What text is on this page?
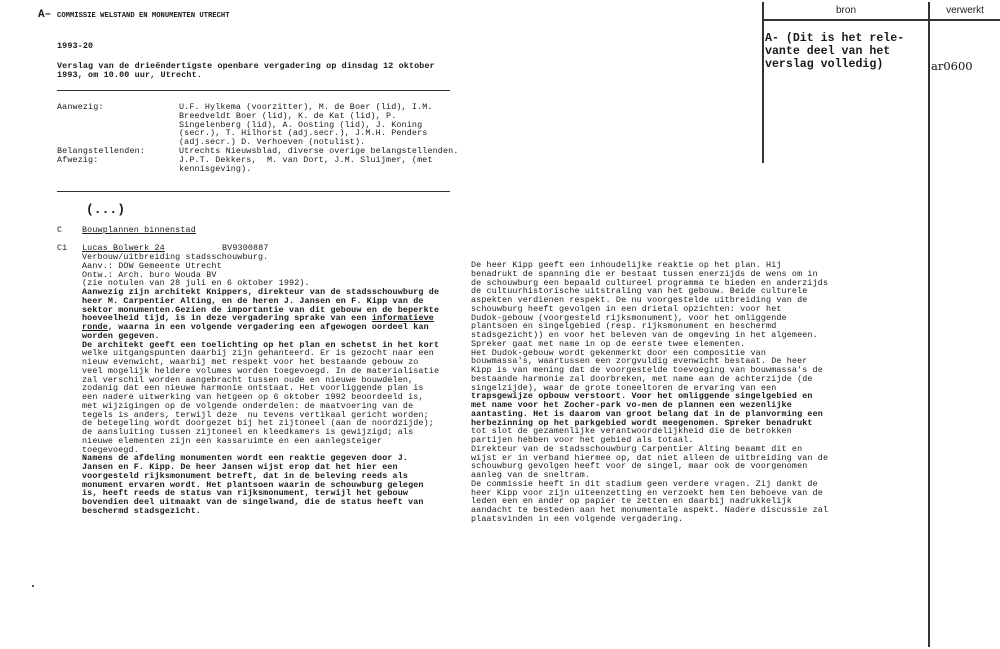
A– COMMISSIE WELSTAND EN MONUMENTEN UTRECHT
1993-20
Verslag van de drieëndertigste openbare vergadering op dinsdag 12 oktober
1993, om 10.00 uur, Utrecht.
Aanwezig:	U.F. Hylkema (voorzitter), M. de Boer (lid), I.M.
Breedveldt Boer (lid), K. de Kat (lid), P.
Singelenberg (lid), A. Oosting (lid), J. Koning
(secr.), T. Hilhorst (adj.secr.), J.M.H. Penders
(adj.secr.) D. Verhoeven (notulist).
Belangstellenden:	Utrechts Nieuwsblad, diverse overige belangstellenden.
Afwezig:	J.P.T. Dekkers,  M. van Dort, J.M. Sluijmer, (met
kennisgeving).
(...)
C Bouwplannen binnenstad
C1 Lucas Bolwerk 24	BV9300887
Verbouw/uitbreiding stadsschouwburg.
Aanv.: DOW Gemeente Utrecht
Ontw.: Arch. buro Wouda BV
(zie notulen van 28 juli en 6 oktober 1992).
Aanwezig zijn architekt Knippers, direkteur van de stadsschouwburg de
heer M. Carpentier Alting, en de heren J. Jansen en F. Kipp van de
sektor monumenten.Gezien de importantie van dit gebouw en de beperkte
hoeveelheid tijd, is in deze vergadering sprake van een informatieve
ronde, waarna in een volgende vergadering een afgewogen oordeel kan
worden gegeven.
De architekt geeft een toelichting op het plan en schetst in het kort
welke uitgangspunten daarbij zijn gehanteerd. Er is gezocht naar een
nieuw evenwicht, waarbij met respekt voor het bestaande gebouw zo
veel mogelijk heldere volumes worden toegevoegd. In de materialisatie
zal verschil worden aangebracht tussen oude en nieuwe bouwdelen,
zodanig dat een nieuwe harmonie ontstaat. Het voorliggende plan is
een nadere uitwerking van hetgeen op 6 oktober 1992 beoordeeld is,
met wijzigingen op de volgende onderdelen: de maatvoering van de
tegels is anders, terwijl deze  nu tevens vertikaal gericht worden;
de betegeling wordt doorgezet bij het zijtoneel (aan de noordzijde);
de aansluiting tussen zijtoneel en kleedkamers is gewijzigd; als
nieuwe elementen zijn een kassaruimte en een aanlegsteiger
toegevoegd.
Namens de afdeling monumenten wordt een reaktie gegeven door J.
Jansen en F. Kipp. De heer Jansen wijst erop dat het hier een
voorgesteld rijksmonument betreft, dat in de beleving reeds als
monument ervaren wordt. Het plantsoen waarin de schouwburg gelegen
is, heeft reeds de status van rijksmonument, terwijl het gebouw
bovendien deel uitmaakt van de singelwand, die de status heeft van
beschermd stadsgezicht.
De heer Kipp geeft een inhoudelijke reaktie op het plan. Hij
benadrukt de spanning die er bestaat tussen enerzijds de wens om in
de schouwburg een bepaald cultureel programma te bieden en anderzijds
de cultuurhistorische uitstraling van het gebouw. Beide culturele
aspekten verdienen respekt. De nu voorgestelde uitbreiding van de
schouwburg heeft gevolgen in een drietal opzichten: voor het
Dudok-gebouw (voorgesteld rijksmonument), voor het omliggende
plantsoen en singelgebied (resp. rijksmonument en beschermd
stadsgezicht)) en voor het beleven van de omgeving in het algemeen.
Spreker gaat met name in op de eerste twee elementen.
Het Dudok-gebouw wordt gekenmerkt door een compositie van
bouwmassa's, waartussen een zorgvuldig evenwicht bestaat. De heer
Kipp is van mening dat de voorgestelde toevoeging van bouwmassa's de
bestaande harmonie zal doorbreken, met name aan de achterzijde (de
singelzijde), waar de grote toneeltoren de ervaring van een
trapsgewijze opbouw verstoort. Voor het omliggende singelgebied en
met name voor het Zocher-park vo-men de plannen een wezenlijke
aantasting. Het is daarom van groot belang dat in de planvorming een
herbezinning op het parkgebied wordt meegenomen. Spreker benadrukt
tot slot de gezamenlijke verantwoordelijkheid die de betrokken
partijen hebben voor het gebied als totaal.
Direkteur van de stadsschouwburg Carpentier Alting beaamt dit en
wijst er in verband hiermee op, dat niet alleen de uitbreiding van de
schouwburg gevolgen heeft voor de singel, maar ook de voorgenomen
aanleg van de sneltram.
De commissie heeft in dit stadium geen verdere vragen. Zij dankt de
heer Kipp voor zijn uiteenzetting en verzoekt hem ten behoeve van de
leden een en ander op papier te zetten en daarbij nadrukkelijk
aandacht te besteden aan het monumentale aspekt. Nadere discussie zal
plaatsvinden in een volgende vergadering.
bron	verwerkt
A- (Dit is het rele-
vante deel van het
verslag volledig)	ar0600
